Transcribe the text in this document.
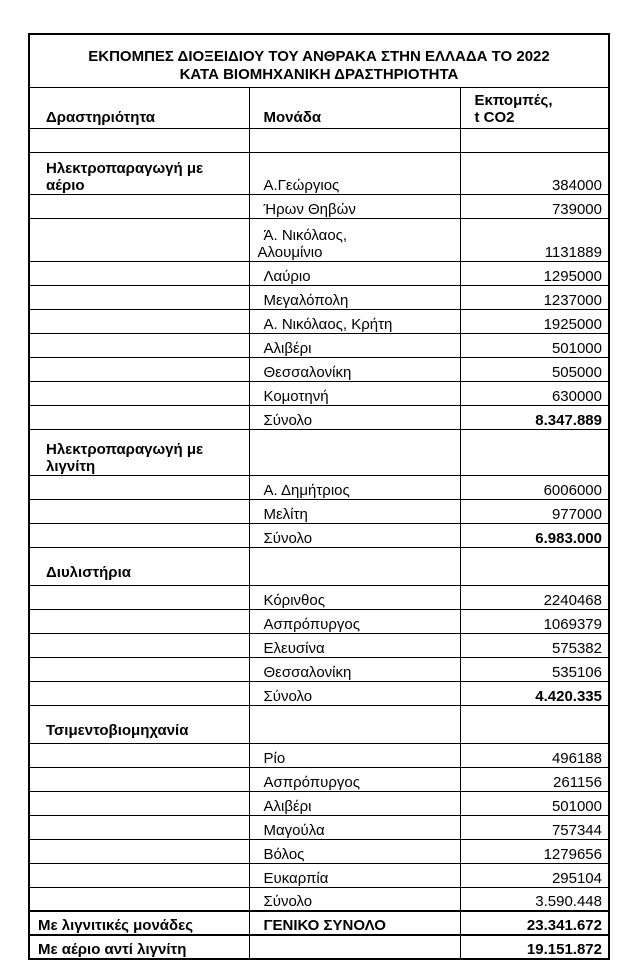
ΕΚΠΟΜΠΕΣ ΔΙΟΞΕΙΔΙΟΥ ΤΟΥ ΑΝΘΡΑΚΑ ΣΤΗΝ ΕΛΛΑΔΑ ΤΟ 2022
ΚΑΤΑ ΒΙΟΜΗΧΑΝΙΚΗ ΔΡΑΣΤΗΡΙΟΤΗΤΑ		

Δραστηριότητα	Μονάδα	Εκπομπές,
t CO2

Ηλεκτροπαραγωγή με
αέριο	Α.Γεώργιος	384000
	Ήρων Θηβών	739000

	Ά. Νικόλαος,
Αλουμίνιο	1131889
	Λαύριο	1295000
	Μεγαλόπολη	1237000
	Α. Νικόλαος, Κρήτη	1925000
	Αλιβέρι	501000
	Θεσσαλονίκη	505000
	Κομοτηνή	630000
	Σύνολο	8.347.889

Ηλεκτροπαραγωγή με
λιγνίτη		

	Α. Δημήτριος	6006000
	Μελίτη	977000
	Σύνολο	6.983.000
Διυλιστήρια		
	Κόρινθος	2240468
	Ασπρόπυργος	1069379
	Ελευσίνα	575382
	Θεσσαλονίκη	535106
	Σύνολο	4.420.335
Τσιμεντοβιομηχανία		
	Ρίο	496188
	Ασπρόπυργος	261156
	Αλιβέρι	501000
	Μαγούλα	757344
	Βόλος	1279656
	Ευκαρπία	295104
	Σύνολο	3.590.448
Με λιγνιτικές μονάδες	ΓΕΝΙΚΟ ΣΥΝΟΛΟ	23.341.672
Με αέριο αντί λιγνίτη		19.151.872
